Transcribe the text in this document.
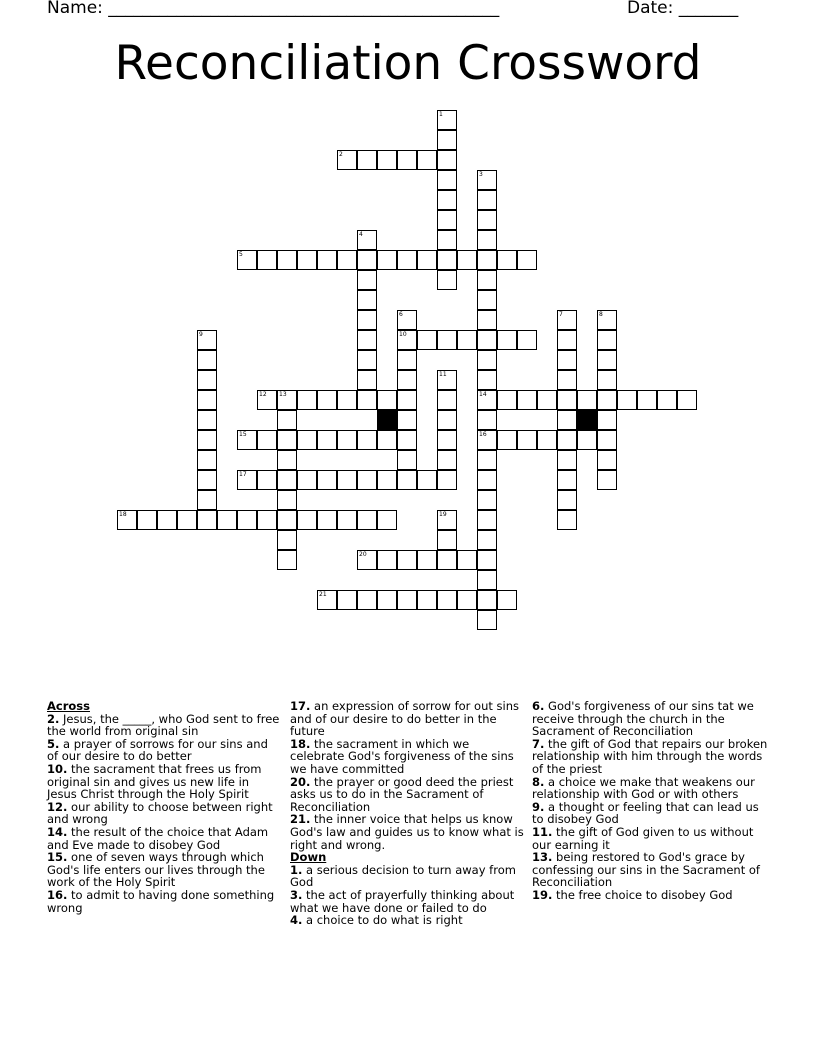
Name: ______________________________________________	Date: _______
Reconciliation Crossword
1
2
3
4
5
6	7	8
9	10
11
12 13	14
15	16
17
18	19
20
21
Across
2. Jesus, the _____, who God sent to free the world from original sin
5. a prayer of sorrows for our sins and of our desire to do better
10. the sacrament that frees us from original sin and gives us new life in Jesus Christ through the Holy Spirit
12. our ability to choose between right and wrong
14. the result of the choice that Adam and Eve made to disobey God
15. one of seven ways through which God's life enters our lives through the work of the Holy Spirit
16. to admit to having done something wrong
17. an expression of sorrow for out sins and of our desire to do better in the future
18. the sacrament in which we celebrate God's forgiveness of the sins we have committed
20. the prayer or good deed the priest asks us to do in the Sacrament of Reconciliation
21. the inner voice that helps us know God's law and guides us to know what is right and wrong.
Down
1. a serious decision to turn away from God
3. the act of prayerfully thinking about what we have done or failed to do
4. a choice to do what is right
6. God's forgiveness of our sins tat we receive through the church in the Sacrament of Reconciliation
7. the gift of God that repairs our broken relationship with him through the words of the priest
8. a choice we make that weakens our relationship with God or with others
9. a thought or feeling that can lead us to disobey God
11. the gift of God given to us without our earning it
13. being restored to God's grace by confessing our sins in the Sacrament of Reconciliation
19. the free choice to disobey God
